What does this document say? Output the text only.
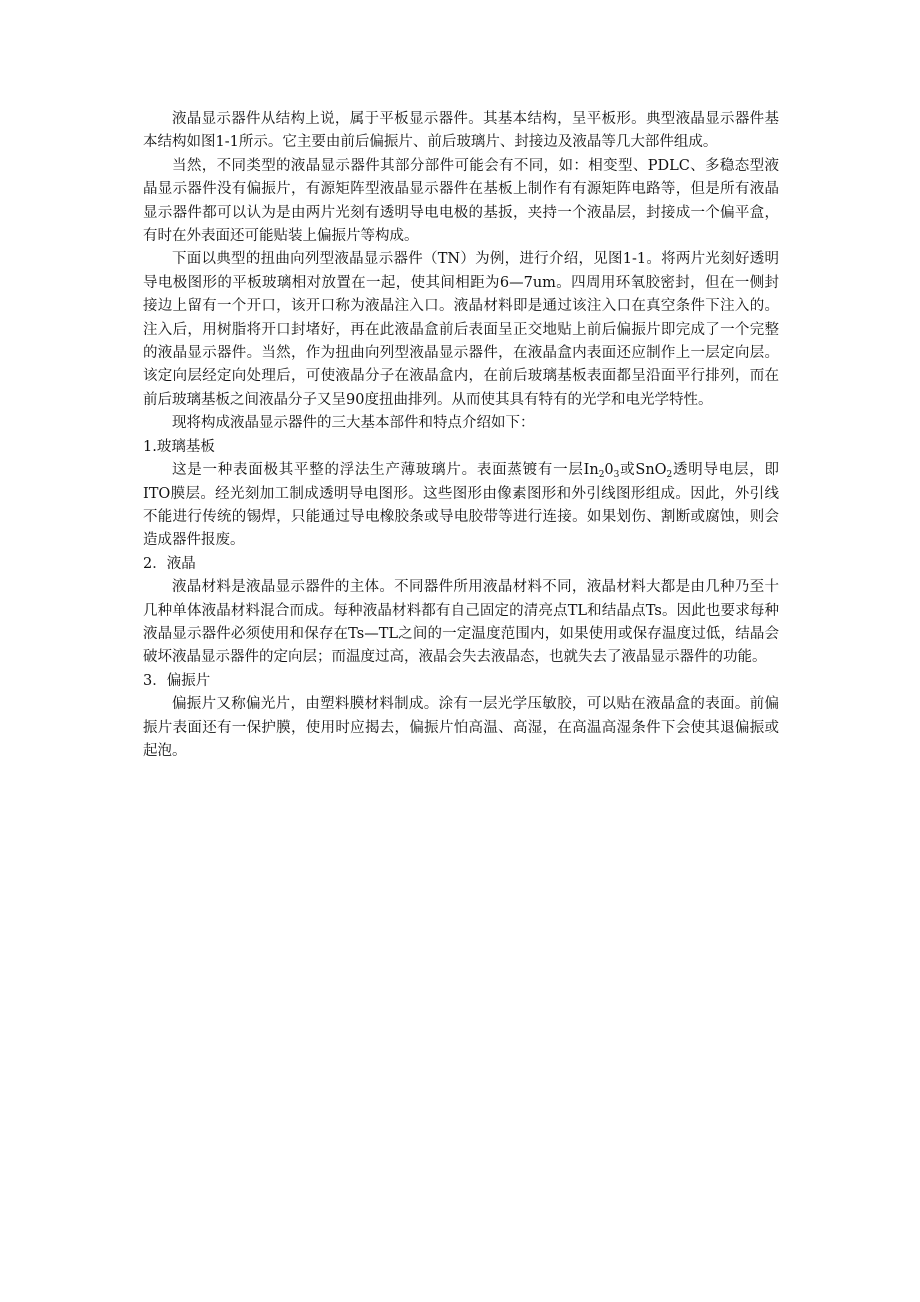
液晶显示器件从结构上说，属于平板显示器件。其基本结构，呈平板形。典型液晶显示器件基本结构如图1-1所示。它主要由前后偏振片、前后玻璃片、封接边及液晶等几大部件组成。

当然，不同类型的液晶显示器件其部分部件可能会有不同，如：相变型、PDLC、多稳态型液晶显示器件没有偏振片，有源矩阵型液晶显示器件在基板上制作有有源矩阵电路等，但是所有液晶显示器件都可以认为是由两片光刻有透明导电电极的基扳，夹持一个液晶层，封接成一个偏平盒，有时在外表面还可能贴装上偏振片等构成。

下面以典型的扭曲向列型液晶显示器件（TN）为例，进行介绍，见图1-1。将两片光刻好透明导电极图形的平板玻璃相对放置在一起，使其间相距为6—7um。四周用环氧胶密封，但在一侧封接边上留有一个开口，该开口称为液晶注入口。液晶材料即是通过该注入口在真空条件下注入的。注入后，用树脂将开口封堵好，再在此液晶盒前后表面呈正交地贴上前后偏振片即完成了一个完整的液晶显示器件。当然，作为扭曲向列型液晶显示器件，在液晶盒内表面还应制作上一层定向层。该定向层经定向处理后，可使液晶分子在液晶盒内，在前后玻璃基板表面都呈沿面平行排列，而在前后玻璃基板之间液晶分子又呈90度扭曲排列。从而使其具有特有的光学和电光学特性。

现将构成液晶显示器件的三大基本部件和特点介绍如下：

1.玻璃基板

这是一种表面极其平整的浮法生产薄玻璃片。表面蒸镀有一层$In_20_3$或SnO$_2$透明导电层，即ITO膜层。经光刻加工制成透明导电图形。这些图形由像素图形和外引线图形组成。因此，外引线不能进行传统的锡焊，只能通过导电橡胶条或导电胶带等进行连接。如果划伤、割断或腐蚀，则会造成器件报废。

2．液晶

液晶材料是液晶显示器件的主体。不同器件所用液晶材料不同，液晶材料大都是由几种乃至十几种单体液晶材料混合而成。每种液晶材料都有自己固定的清亮点TL和结晶点Ts。因此也要求每种液晶显示器件必须使用和保存在Ts—TL之间的一定温度范围内，如果使用或保存温度过低，结晶会破坏液晶显示器件的定向层；而温度过高，液晶会失去液晶态，也就失去了液晶显示器件的功能。

3．偏振片

偏振片又称偏光片，由塑料膜材料制成。涂有一层光学压敏胶，可以贴在液晶盒的表面。前偏振片表面还有一保护膜，使用时应揭去，偏振片怕高温、高湿，在高温高湿条件下会使其退偏振或起泡。
